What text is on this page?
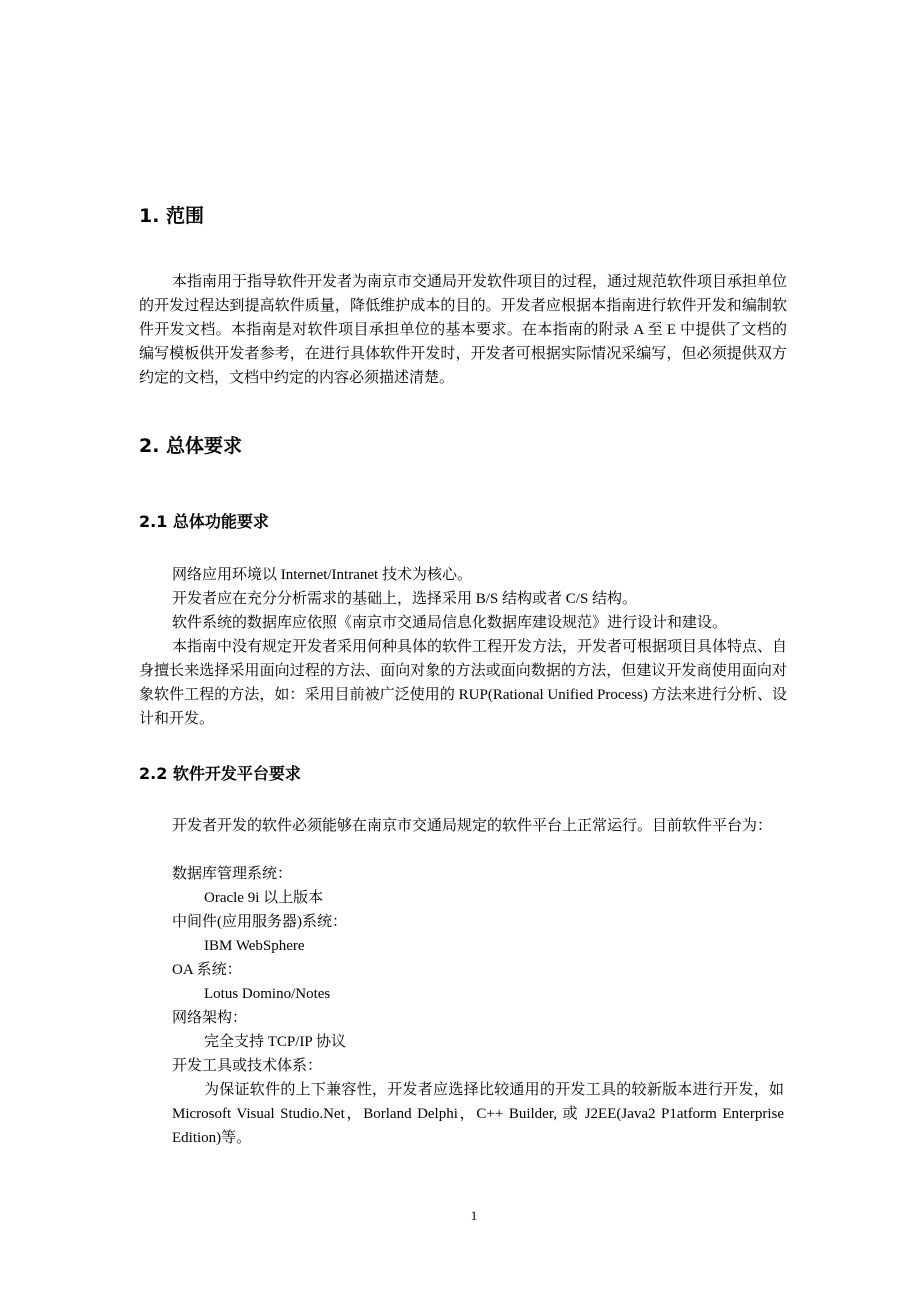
1. 范围
本指南用于指导软件开发者为南京市交通局开发软件项目的过程，通过规范软件项目承担单位的开发过程达到提高软件质量，降低维护成本的目的。开发者应根据本指南进行软件开发和编制软件开发文档。本指南是对软件项目承担单位的基本要求。在本指南的附录 A 至 E 中提供了文档的编写模板供开发者参考，在进行具体软件开发时，开发者可根据实际情况采编写，但必须提供双方约定的文档，文档中约定的内容必须描述清楚。
2. 总体要求
2.1 总体功能要求
网络应用环境以 Internet/Intranet 技术为核心。
开发者应在充分分析需求的基础上，选择采用 B/S 结构或者 C/S 结构。
软件系统的数据库应依照《南京市交通局信息化数据库建设规范》进行设计和建设。
本指南中没有规定开发者采用何种具体的软件工程开发方法，开发者可根据项目具体特点、自身擅长来选择采用面向过程的方法、面向对象的方法或面向数据的方法，但建议开发商使用面向对象软件工程的方法，如：采用目前被广泛使用的 RUP(Rational Unified Process) 方法来进行分析、设计和开发。
2.2 软件开发平台要求
开发者开发的软件必须能够在南京市交通局规定的软件平台上正常运行。目前软件平台为：
数据库管理系统：
Oracle 9i 以上版本
中间件(应用服务器)系统：
IBM WebSphere
OA 系统：
Lotus Domino/Notes
网络架构：
完全支持 TCP/IP 协议
开发工具或技术体系：
为保证软件的上下兼容性，开发者应选择比较通用的开发工具的较新版本进行开发，如 Microsoft Visual Studio.Net，Borland Delphi，C++ Builder, 或 J2EE(Java2 P1atform Enterprise Edition)等。
1
